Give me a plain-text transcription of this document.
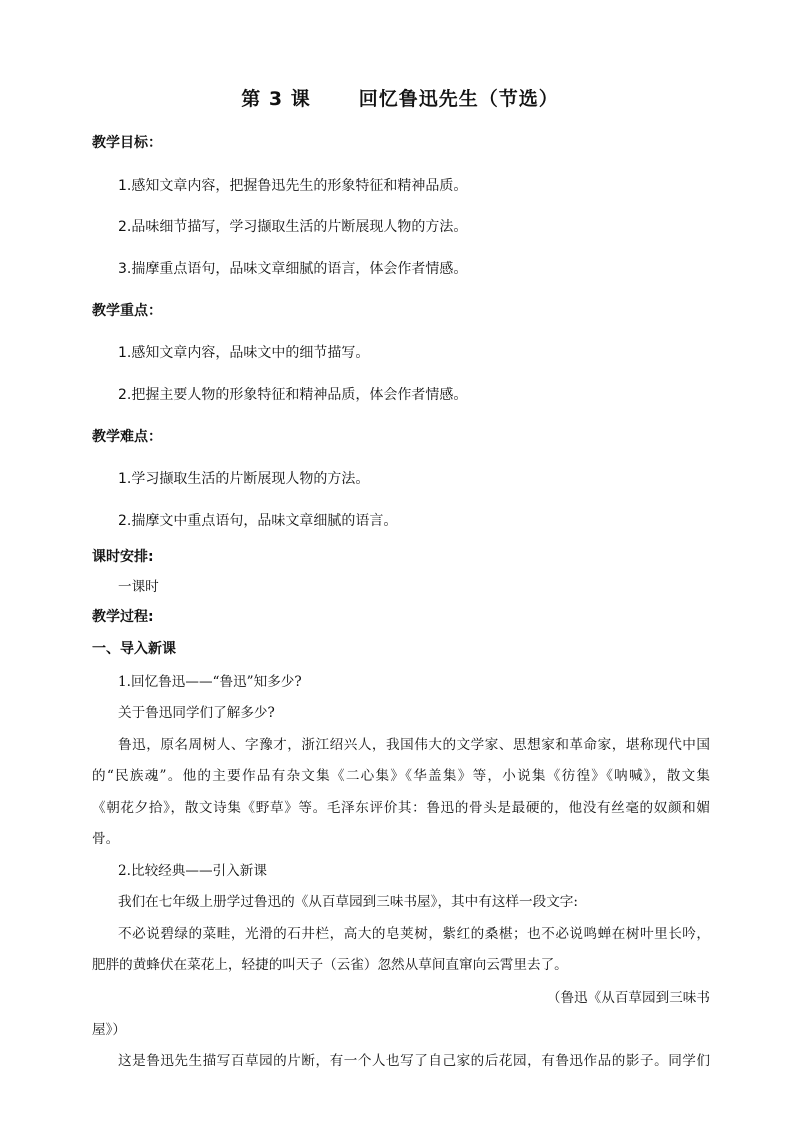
第 3 课	回忆鲁迅先生（节选）
教学目标：
1.感知文章内容，把握鲁迅先生的形象特征和精神品质。
2.品味细节描写，学习撷取生活的片断展现人物的方法。
3.揣摩重点语句，品味文章细腻的语言，体会作者情感。
教学重点：
1.感知文章内容，品味文中的细节描写。
2.把握主要人物的形象特征和精神品质，体会作者情感。
教学难点：
1.学习撷取生活的片断展现人物的方法。
2.揣摩文中重点语句，品味文章细腻的语言。
课时安排:
一课时
教学过程:
一、导入新课
1.回忆鲁迅——“鲁迅”知多少?
关于鲁迅同学们了解多少?
鲁迅，原名周树人、字豫才，浙江绍兴人，我国伟大的文学家、思想家和革命家，堪称现代中国
的“民族魂”。他的主要作品有杂文集《二心集》《华盖集》等，小说集《彷徨》《呐喊》，散文集
《朝花夕拾》，散文诗集《野草》等。毛泽东评价其：鲁迅的骨头是最硬的，他没有丝毫的奴颜和媚
骨。
2.比较经典——引入新课
我们在七年级上册学过鲁迅的《从百草园到三味书屋》，其中有这样一段文字:
不必说碧绿的菜畦，光滑的石井栏，高大的皂荚树，紫红的桑椹；也不必说鸣蝉在树叶里长吟，
肥胖的黄蜂伏在菜花上，轻捷的叫天子（云雀）忽然从草间直窜向云霄里去了。
（鲁迅《从百草园到三味书
屋》）
这是鲁迅先生描写百草园的片断，有一个人也写了自己家的后花园，有鲁迅作品的影子。同学们
